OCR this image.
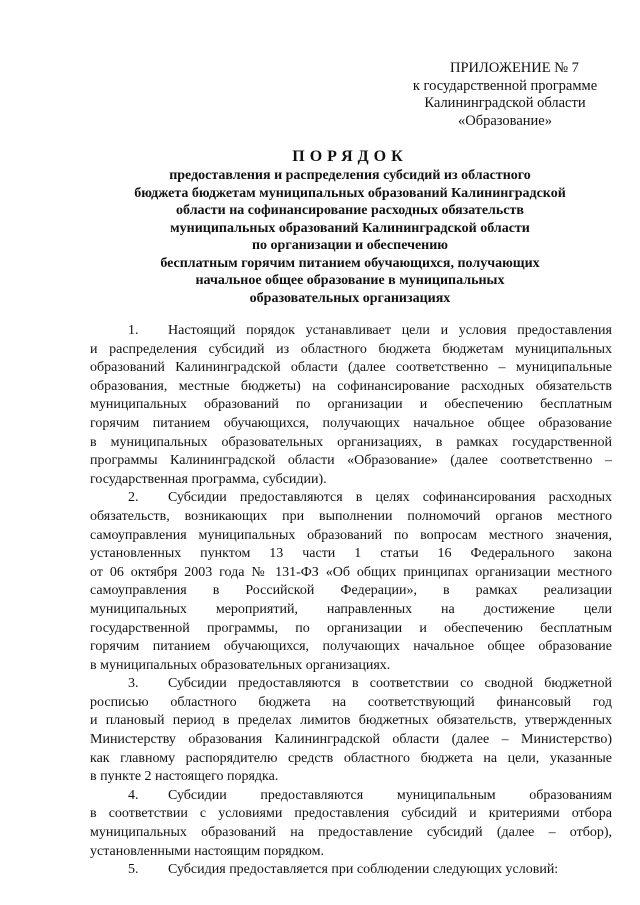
ПРИЛОЖЕНИЕ № 7
к государственной программе
Калининградской области
«Образование»
ПОРЯДОК
предоставления и распределения субсидий из областного
бюджета бюджетам муниципальных образований Калининградской
области на софинансирование расходных обязательств
муниципальных образований Калининградской области
по организации и обеспечению
бесплатным горячим питанием обучающихся, получающих
начальное общее образование в муниципальных
образовательных организациях
1. Настоящий порядок устанавливает цели и условия предоставления
и распределения субсидий из областного бюджета бюджетам муниципальных
образований Калининградской области (далее соответственно – муниципальные
образования, местные бюджеты) на софинансирование расходных обязательств
муниципальных образований по организации и обеспечению бесплатным
горячим питанием обучающихся, получающих начальное общее образование
в муниципальных образовательных организациях, в рамках государственной
программы Калининградской области «Образование» (далее соответственно –
государственная программа, субсидии).
2. Субсидии предоставляются в целях софинансирования расходных
обязательств, возникающих при выполнении полномочий органов местного
самоуправления муниципальных образований по вопросам местного значения,
установленных пунктом 13 части 1 статьи 16 Федерального закона
от 06 октября 2003 года № 131-ФЗ «Об общих принципах организации местного
самоуправления в Российской Федерации», в рамках реализации
муниципальных мероприятий, направленных на достижение цели
государственной программы, по организации и обеспечению бесплатным
горячим питанием обучающихся, получающих начальное общее образование
в муниципальных образовательных организациях.
3. Субсидии предоставляются в соответствии со сводной бюджетной
росписью областного бюджета на соответствующий финансовый год
и плановый период в пределах лимитов бюджетных обязательств, утвержденных
Министерству образования Калининградской области (далее – Министерство)
как главному распорядителю средств областного бюджета на цели, указанные
в пункте 2 настоящего порядка.
4. Субсидии предоставляются муниципальным образованиям
в соответствии с условиями предоставления субсидий и критериями отбора
муниципальных образований на предоставление субсидий (далее – отбор),
установленными настоящим порядком.
5. Субсидия предоставляется при соблюдении следующих условий:
